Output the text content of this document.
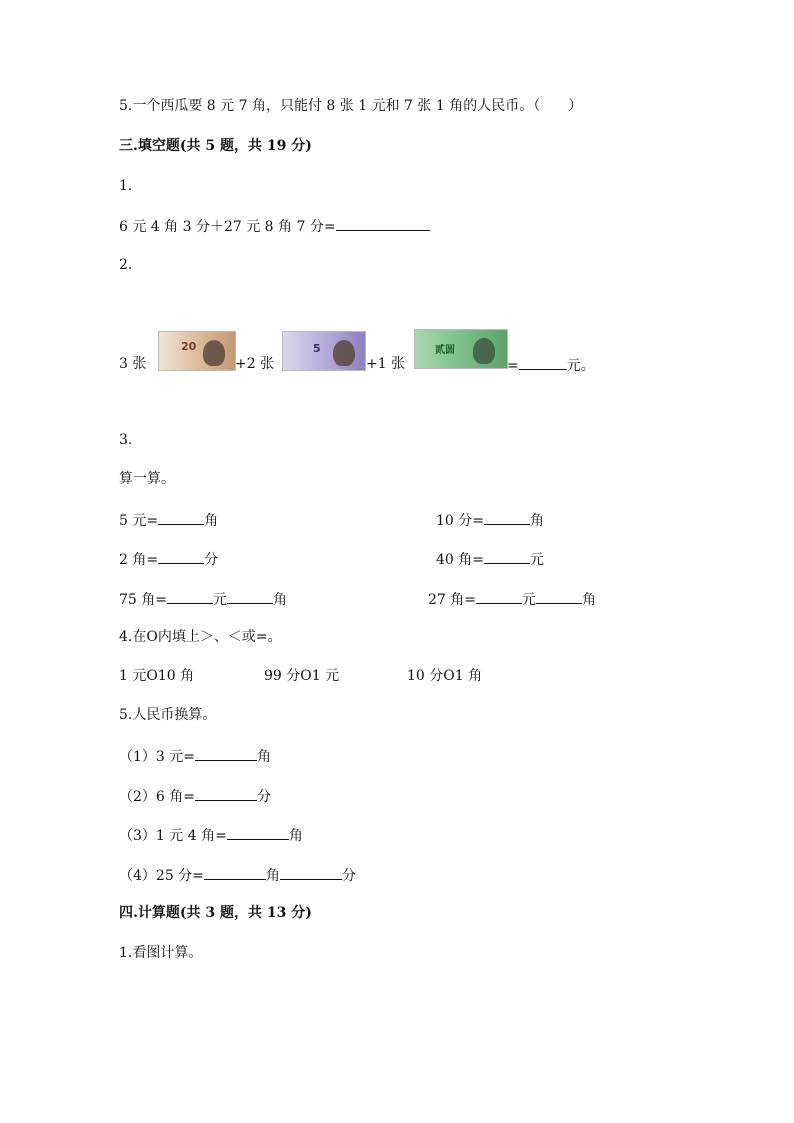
5.一个西瓜要 8 元 7 角，只能付 8 张 1 元和 7 张 1 角的人民币。（　　）
三.填空题(共 5 题，共 19 分)
1.
6 元 4 角 3 分＋27 元 8 角 7 分=
2.
3 张
20
+2 张
5
+1 张
贰圆
=	元。
3.
算一算。
5 元=	角	10 分=	角
2 角=	分	40 角=	元
75 角=	元	角	27 角=	元	角
4.在O内填上＞、＜或=。
1 元O10 角	99 分O1 元	10 分O1 角
5.人民币换算。
（1）3 元=	角
（2）6 角=	分
（3）1 元 4 角=	角
（4）25 分=	角	分
四.计算题(共 3 题，共 13 分)
1.看图计算。
